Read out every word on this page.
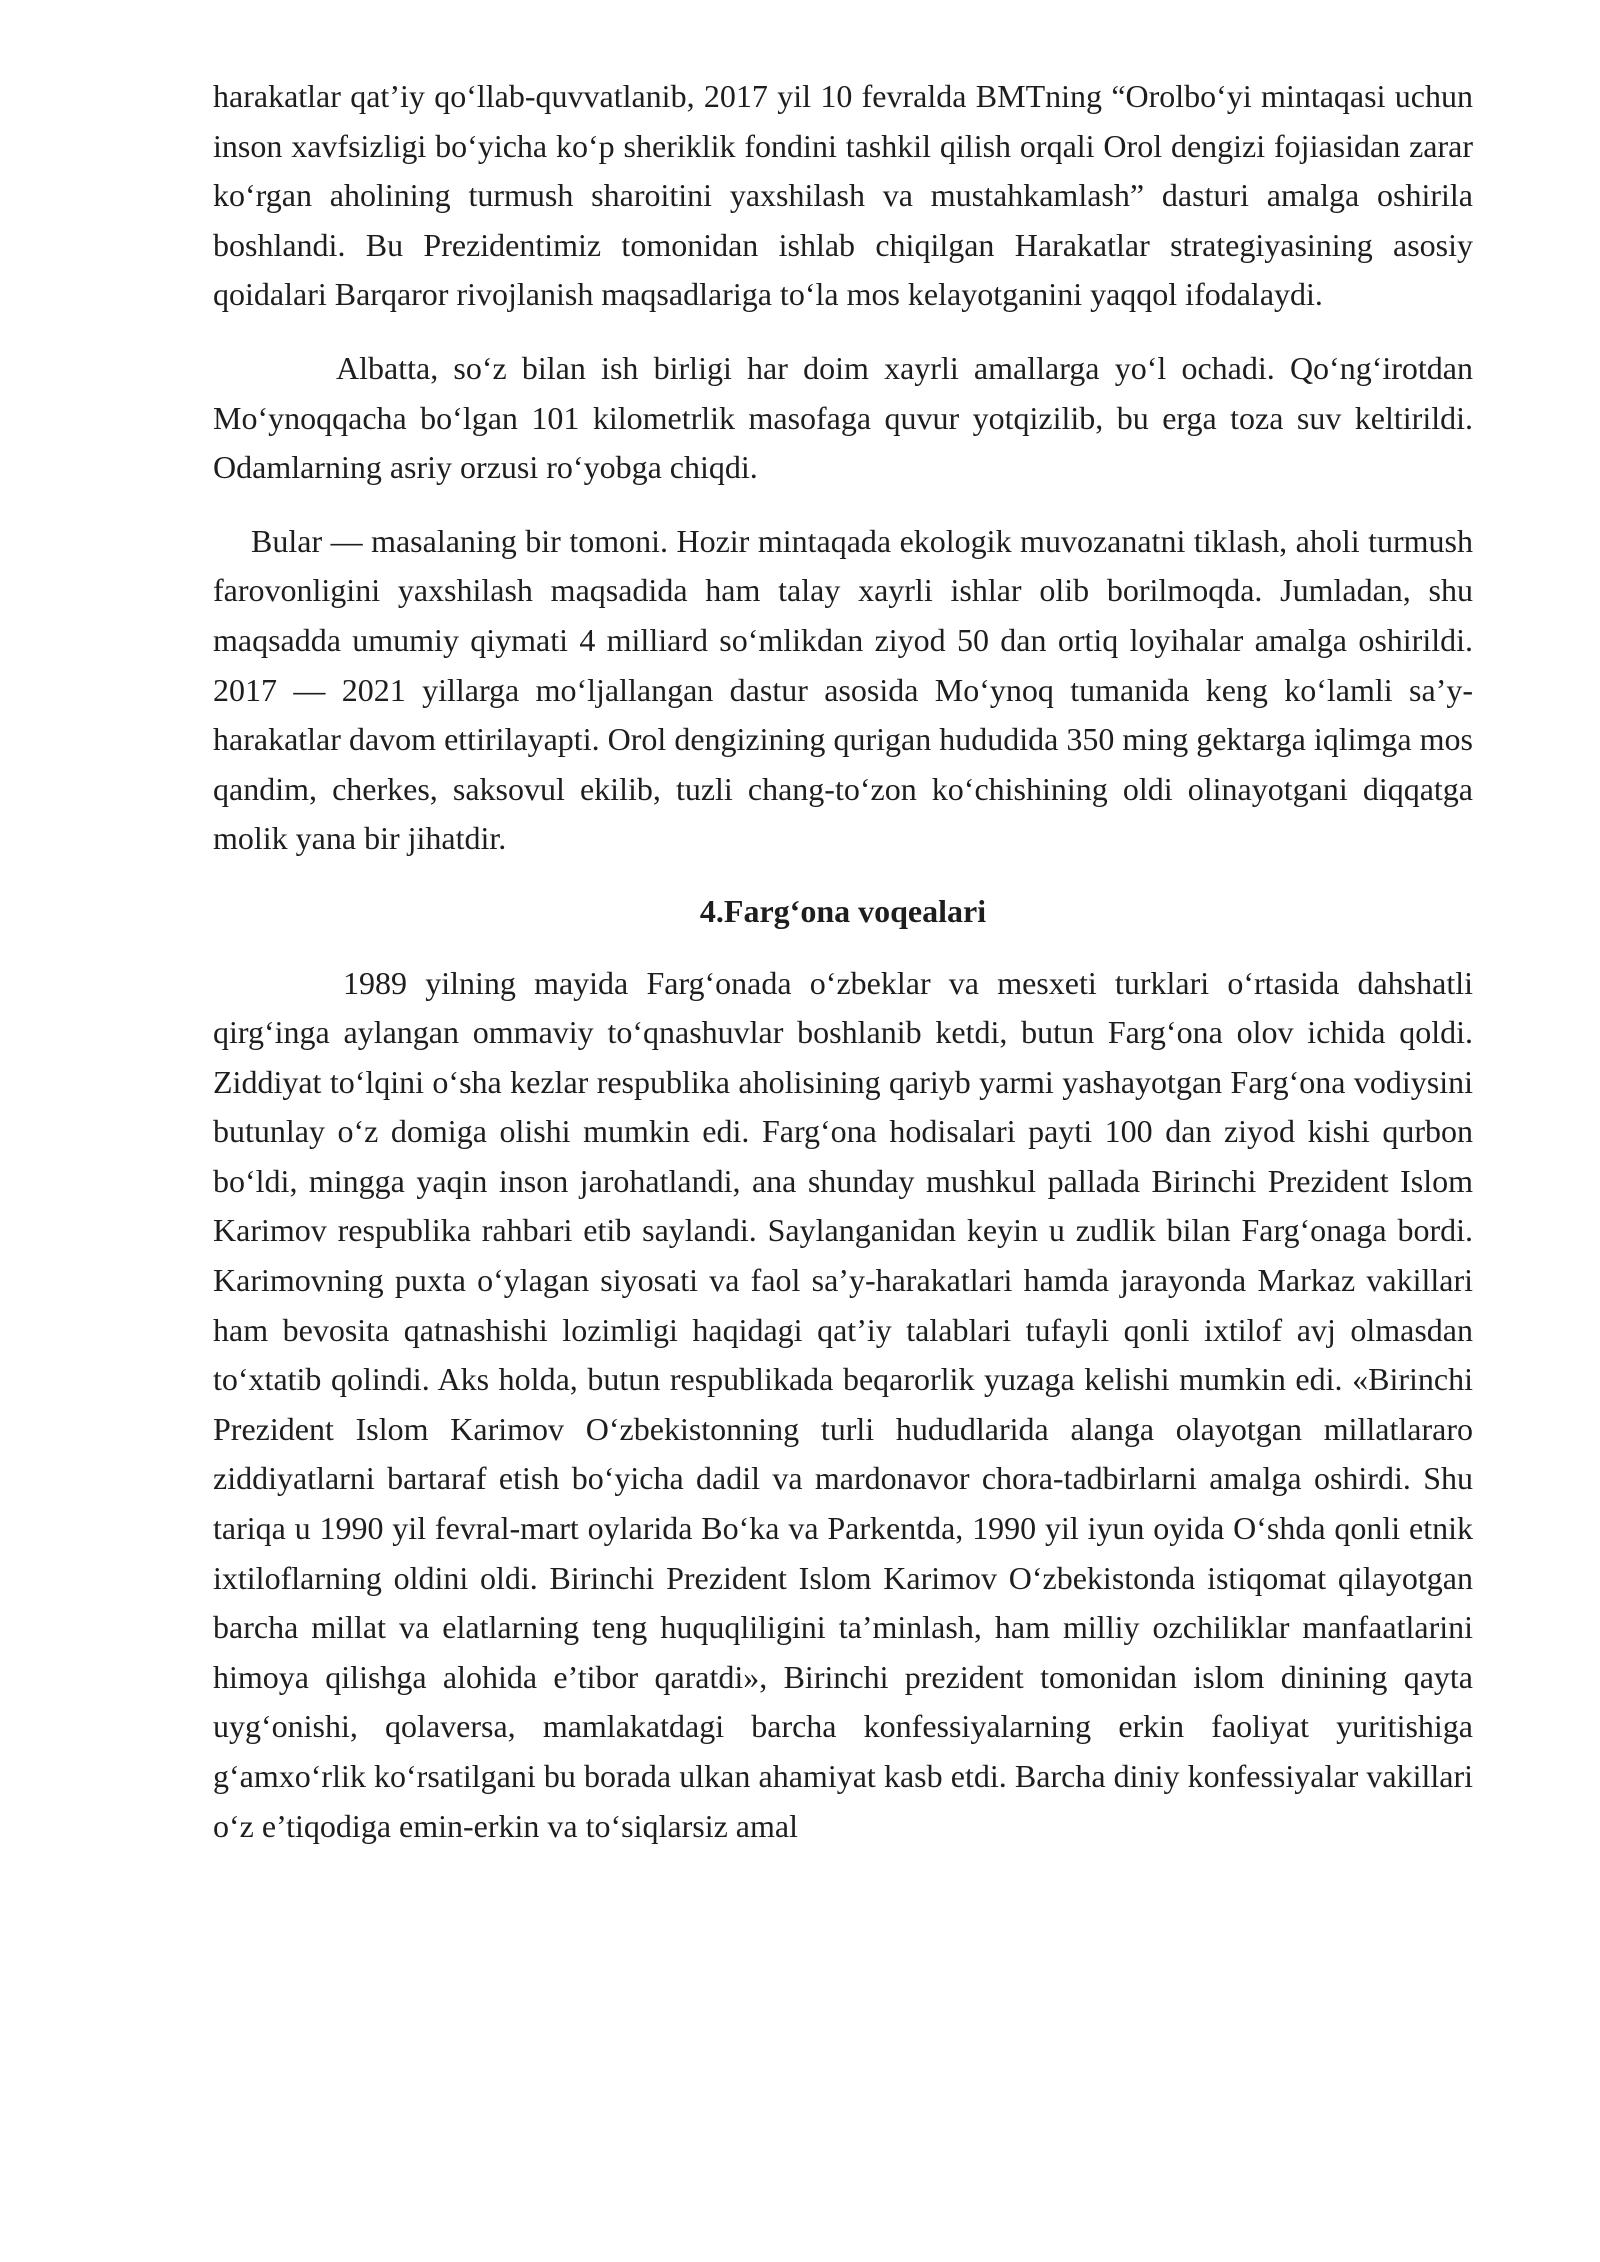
harakatlar qat’iy qo‘llab-quvvatlanib, 2017 yil 10 fevralda BMTning “Orolbo‘yi mintaqasi uchun inson xavfsizligi bo‘yicha ko‘p sheriklik fondini tashkil qilish orqali Orol dengizi fojiasidan zarar ko‘rgan aholining turmush sharoitini yaxshilash va mustahkamlash” dasturi amalga oshirila boshlandi. Bu Prezidentimiz tomonidan ishlab chiqilgan Harakatlar strategiyasining asosiy qoidalari Barqaror rivojlanish maqsadlariga to‘la mos kelayotganini yaqqol ifodalaydi.

Albatta, so‘z bilan ish birligi har doim xayrli amallarga yo‘l ochadi. Qo‘ng‘irotdan Mo‘ynoqqacha bo‘lgan 101 kilometrlik masofaga quvur yotqizilib, bu erga toza suv keltirildi. Odamlarning asriy orzusi ro‘yobga chiqdi.

Bular — masalaning bir tomoni. Hozir mintaqada ekologik muvozanatni tiklash, aholi turmush farovonligini yaxshilash maqsadida ham talay xayrli ishlar olib borilmoqda. Jumladan, shu maqsadda umumiy qiymati 4 milliard so‘mlikdan ziyod 50 dan ortiq loyihalar amalga oshirildi. 2017 — 2021 yillarga mo‘ljallangan dastur asosida Mo‘ynoq tumanida keng ko‘lamli sa’y-harakatlar davom ettirilayapti. Orol dengizining qurigan hududida 350 ming gektarga iqlimga mos qandim, cherkes, saksovul ekilib, tuzli chang-to‘zon ko‘chishining oldi olinayotgani diqqatga molik yana bir jihatdir.

4.Farg‘ona voqealari

1989 yilning mayida Farg‘onada o‘zbeklar va mesxeti turklari o‘rtasida dahshatli qirg‘inga aylangan ommaviy to‘qnashuvlar boshlanib ketdi, butun Farg‘ona olov ichida qoldi. Ziddiyat to‘lqini o‘sha kezlar respublika aholisining qariyb yarmi yashayotgan Farg‘ona vodiysini butunlay o‘z domiga olishi mumkin edi. Farg‘ona hodisalari payti 100 dan ziyod kishi qurbon bo‘ldi, mingga yaqin inson jarohatlandi, ana shunday mushkul pallada Birinchi Prezident Islom Karimov respublika rahbari etib saylandi. Saylanganidan keyin u zudlik bilan Farg‘onaga bordi. Karimovning puxta o‘ylagan siyosati va faol sa’y-harakatlari hamda jarayonda Markaz vakillari ham bevosita qatnashishi lozimligi haqidagi qat’iy talablari tufayli qonli ixtilof avj olmasdan to‘xtatib qolindi. Aks holda, butun respublikada beqarorlik yuzaga kelishi mumkin edi. «Birinchi Prezident Islom Karimov O‘zbekistonning turli hududlarida alanga olayotgan millatlararo ziddiyatlarni bartaraf etish bo‘yicha dadil va mardonavor chora-tadbirlarni amalga oshirdi. Shu tariqa u 1990 yil fevral-mart oylarida Bo‘ka va Parkentda, 1990 yil iyun oyida O‘shda qonli etnik ixtiloflarning oldini oldi. Birinchi Prezident Islom Karimov O‘zbekistonda istiqomat qilayotgan barcha millat va elatlarning teng huquqliligini ta’minlash, ham milliy ozchiliklar manfaatlarini himoya qilishga alohida e’tibor qaratdi», Birinchi prezident tomonidan islom dinining qayta uyg‘onishi, qolaversa, mamlakatdagi barcha konfessiyalarning erkin faoliyat yuritishiga g‘amxo‘rlik ko‘rsatilgani bu borada ulkan ahamiyat kasb etdi. Barcha diniy konfessiyalar vakillari o‘z e’tiqodiga emin-erkin va to‘siqlarsiz amal
